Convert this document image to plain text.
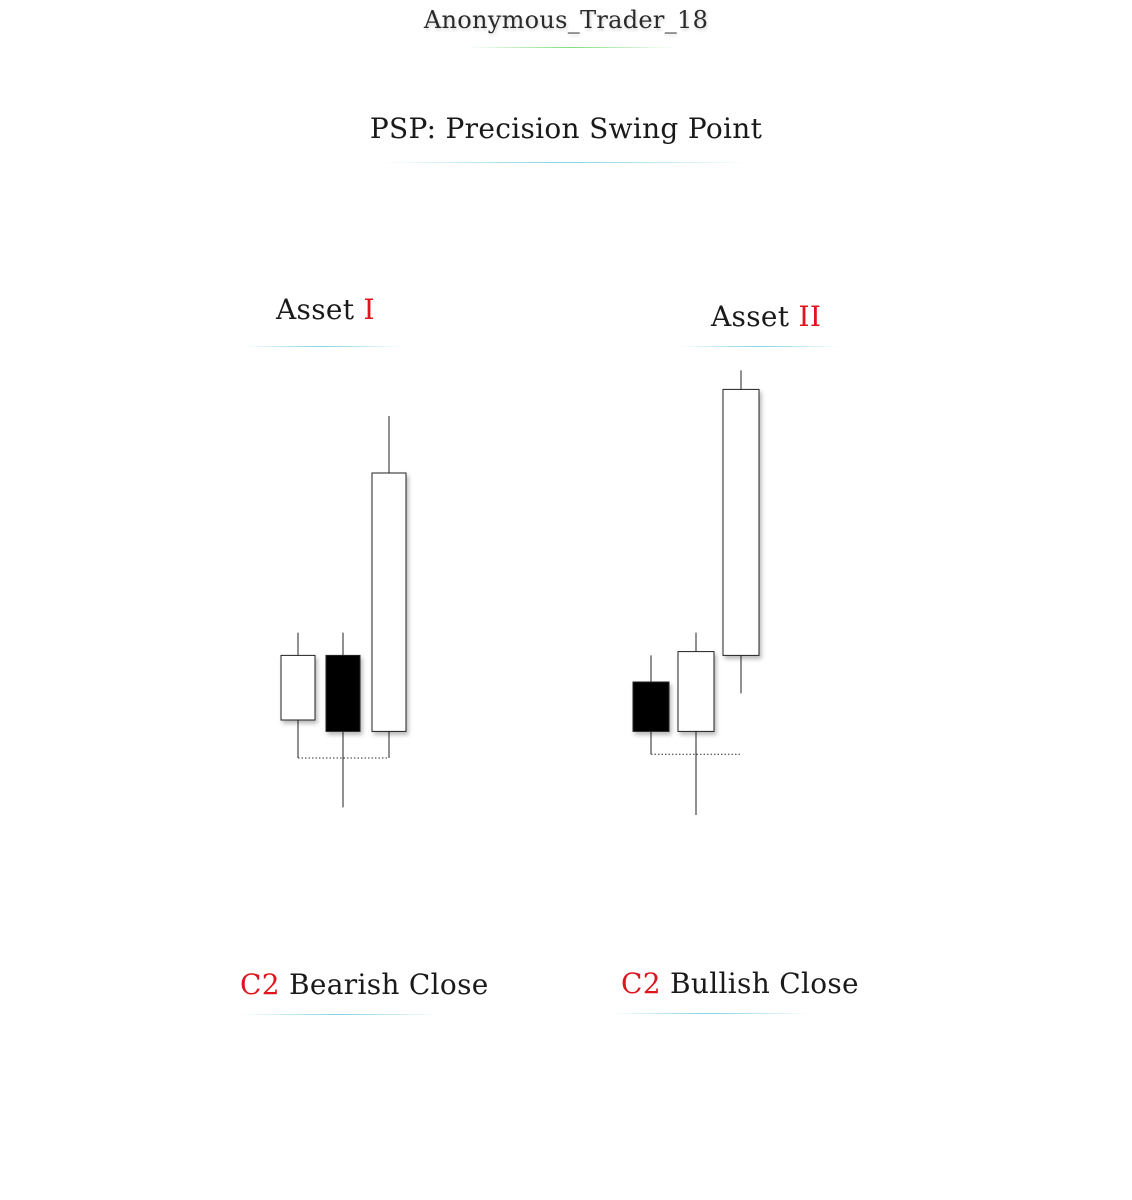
Anonymous_Trader_18
PSP: Precision Swing Point
Asset I	Asset II
C2 Bearish Close	C2 Bullish Close
